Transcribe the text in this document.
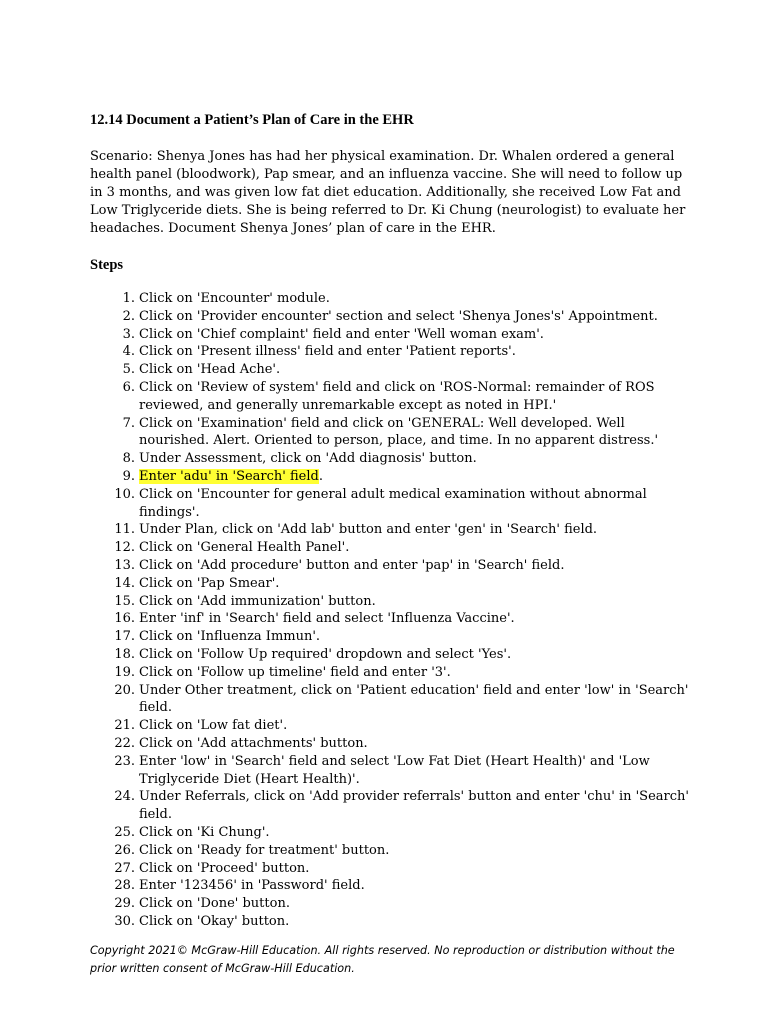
12.14 Document a Patient’s Plan of Care in the EHR
Scenario: Shenya Jones has had her physical examination. Dr. Whalen ordered a general health panel (bloodwork), Pap smear, and an influenza vaccine. She will need to follow up in 3 months, and was given low fat diet education. Additionally, she received Low Fat and Low Triglyceride diets. She is being referred to Dr. Ki Chung (neurologist) to evaluate her headaches. Document Shenya Jones’ plan of care in the EHR.
Steps
1. Click on 'Encounter' module.
2. Click on 'Provider encounter' section and select 'Shenya Jones's' Appointment.
3. Click on 'Chief complaint' field and enter 'Well woman exam'.
4. Click on 'Present illness' field and enter 'Patient reports'.
5. Click on 'Head Ache'.
6. Click on 'Review of system' field and click on 'ROS-Normal: remainder of ROS reviewed, and generally unremarkable except as noted in HPI.'
7. Click on 'Examination' field and click on 'GENERAL: Well developed. Well nourished. Alert. Oriented to person, place, and time. In no apparent distress.'
8. Under Assessment, click on 'Add diagnosis' button.
9. Enter 'adu' in 'Search' field.
10. Click on 'Encounter for general adult medical examination without abnormal findings'.
11. Under Plan, click on 'Add lab' button and enter 'gen' in 'Search' field.
12. Click on 'General Health Panel'.
13. Click on 'Add procedure' button and enter 'pap' in 'Search' field.
14. Click on 'Pap Smear'.
15. Click on 'Add immunization' button.
16. Enter 'inf' in 'Search' field and select 'Influenza Vaccine'.
17. Click on 'Influenza Immun'.
18. Click on 'Follow Up required' dropdown and select 'Yes'.
19. Click on 'Follow up timeline' field and enter '3'.
20. Under Other treatment, click on 'Patient education' field and enter 'low' in 'Search' field.
21. Click on 'Low fat diet'.
22. Click on 'Add attachments' button.
23. Enter 'low' in 'Search' field and select 'Low Fat Diet (Heart Health)' and 'Low Triglyceride Diet (Heart Health)'.
24. Under Referrals, click on 'Add provider referrals' button and enter 'chu' in 'Search' field.
25. Click on 'Ki Chung'.
26. Click on 'Ready for treatment' button.
27. Click on 'Proceed' button.
28. Enter '123456' in 'Password' field.
29. Click on 'Done' button.
30. Click on 'Okay' button.
Copyright 2021© McGraw-Hill Education. All rights reserved. No reproduction or distribution without the prior written consent of McGraw-Hill Education.
